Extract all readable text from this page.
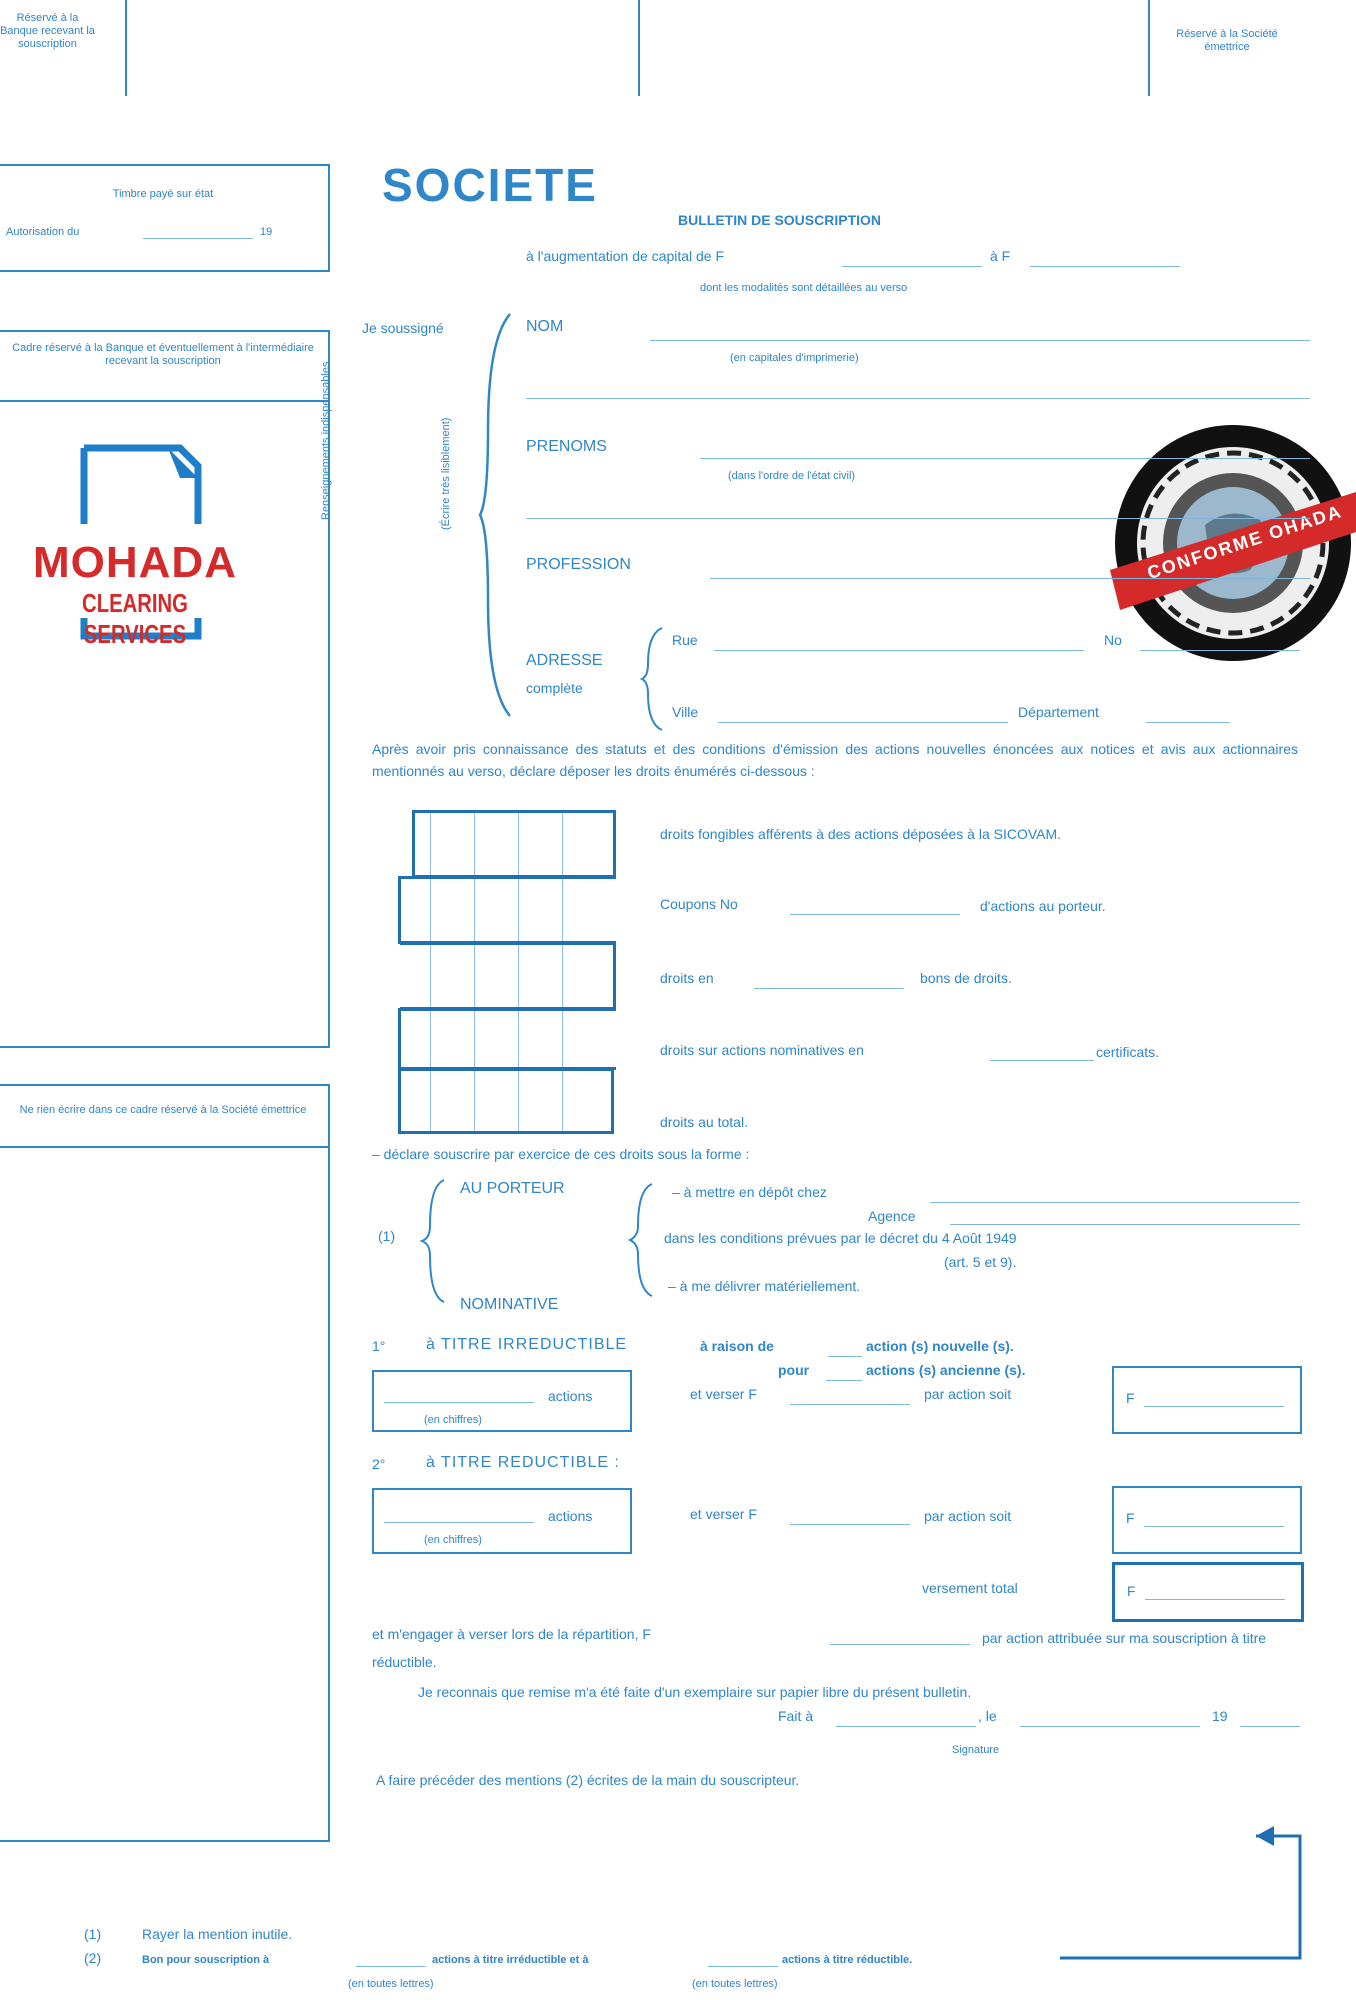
Réservé à la Banque recevant la souscription
Réservé à la Société émettrice
Timbre payé sur état
Autorisation du	19
Cadre réservé à la Banque et éventuellement à l'intermédiaire recevant la souscription
Ne rien écrire dans ce cadre réservé à la Société émettrice
MOHADA
CLEARING SERVICES
CONFORME OHADA
SOCIETE
BULLETIN DE SOUSCRIPTION
à l'augmentation de capital de F	à F
dont les modalités sont détaillées au verso
Je soussigné
Renseignements indispensables	(Écrire très lisiblement)
NOM
(en capitales d'imprimerie)
PRENOMS
(dans l'ordre de l'état civil)
PROFESSION
ADRESSE
complète
Rue	No
Ville	Département
Après avoir pris connaissance des statuts et des conditions d'émission des actions nouvelles énoncées aux notices et avis aux actionnaires mentionnés au verso, déclare déposer les droits énumérés ci-dessous :
droits fongibles afférents à des actions déposées à la SICOVAM.
Coupons No	d'actions au porteur.
droits en	bons de droits.
droits sur actions nominatives en	certificats.
droits au total.
– déclare souscrire par exercice de ces droits sous la forme :
(1)
AU PORTEUR
NOMINATIVE
– à mettre en dépôt chez
Agence
dans les conditions prévues par le décret du 4 Août 1949
(art. 5 et 9).
– à me délivrer matériellement.
1°	à TITRE IRREDUCTIBLE	à raison de	action (s) nouvelle (s).
pour	actions (s) ancienne (s).
actions
(en chiffres)
et verser F	par action soit	F
2°	à TITRE REDUCTIBLE :
actions
(en chiffres)
et verser F	par action soit	F
versement total	F
et m'engager à verser lors de la répartition, F	par action attribuée sur ma souscription à titre réductible.
Je reconnais que remise m'a été faite d'un exemplaire sur papier libre du présent bulletin.
Fait à	, le	19
Signature
A faire précéder des mentions (2) écrites de la main du souscripteur.
(1)	Rayer la mention inutile.
(2)	Bon pour souscription à	actions à titre irréductible et à	actions à titre réductible.
(en toutes lettres)	(en toutes lettres)
